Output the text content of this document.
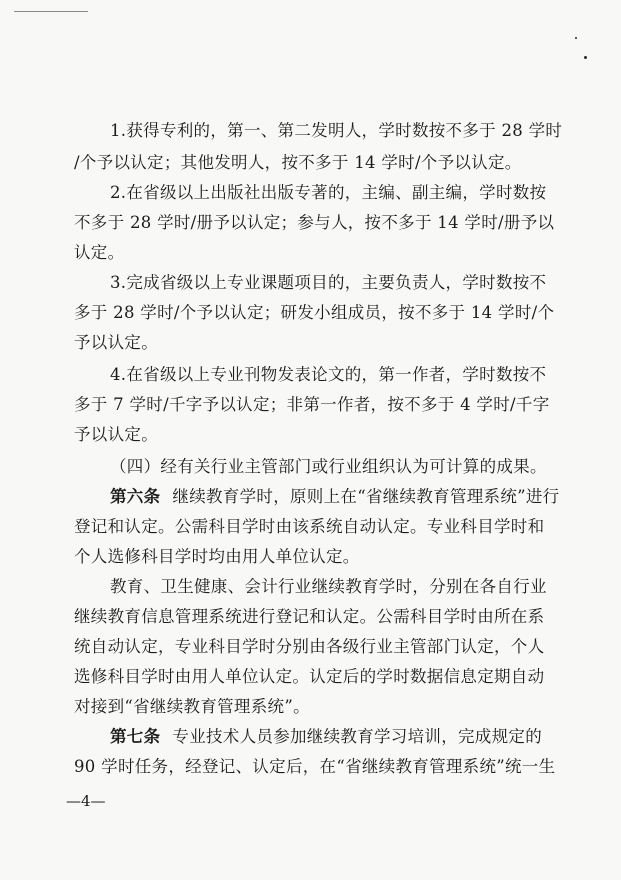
1.获得专利的，第一、第二发明人，学时数按不多于 28 学时
/个予以认定；其他发明人，按不多于 14 学时/个予以认定。
2.在省级以上出版社出版专著的，主编、副主编，学时数按
不多于 28 学时/册予以认定；参与人，按不多于 14 学时/册予以
认定。
3.完成省级以上专业课题项目的，主要负责人，学时数按不
多于 28 学时/个予以认定；研发小组成员，按不多于 14 学时/个
予以认定。
4.在省级以上专业刊物发表论文的，第一作者，学时数按不
多于 7 学时/千字予以认定；非第一作者，按不多于 4 学时/千字
予以认定。
（四）经有关行业主管部门或行业组织认为可计算的成果。
第六条 继续教育学时，原则上在“省继续教育管理系统”进行
登记和认定。公需科目学时由该系统自动认定。专业科目学时和
个人选修科目学时均由用人单位认定。
教育、卫生健康、会计行业继续教育学时，分别在各自行业
继续教育信息管理系统进行登记和认定。公需科目学时由所在系
统自动认定，专业科目学时分别由各级行业主管部门认定，个人
选修科目学时由用人单位认定。认定后的学时数据信息定期自动
对接到“省继续教育管理系统”。
第七条 专业技术人员参加继续教育学习培训，完成规定的
90 学时任务，经登记、认定后，在“省继续教育管理系统”统一生
—4—
